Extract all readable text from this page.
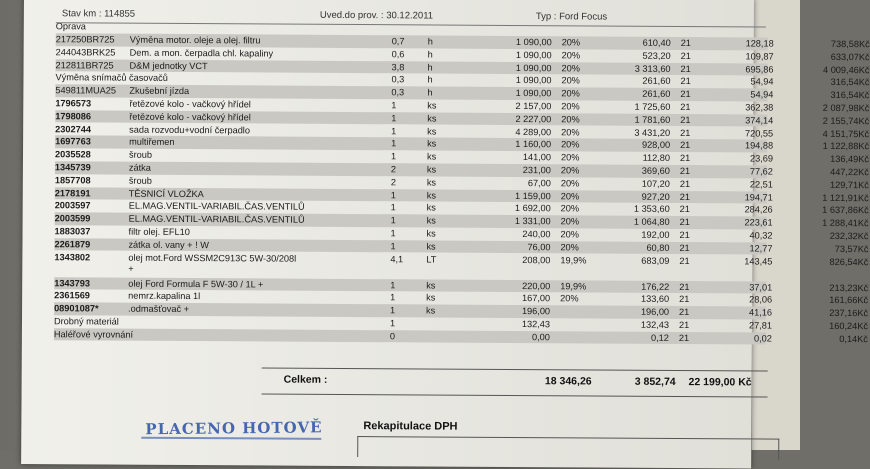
Stav km : 114855	Uved.do prov. : 30.12.2011	Typ : Ford Focus
Oprava
217250BR725 Výměna motor. oleje a olej. filtru	0,7	h	1 090,00 20%	610,40 21	128,18	738,58Kč
244043BRK25 Dem. a mon. čerpadla chl. kapaliny	0,6	h	1 090,00 20%	523,20 21	109,87	633,07Kč
212811BR725 D&M jednotky VCT	3,8	h	1 090,00 20%	3 313,60 21	695,86	4 009,46Kč
Výměna snímačů časovačů	0,3	h	1 090,00 20%	261,60 21	54,94	316,54Kč
549811MUA25 Zkušební jízda	0,3	h	1 090,00 20%	261,60 21	54,94	316,54Kč
1796573	řetězové kolo - vačkový hřídel	1	ks	2 157,00 20%	1 725,60 21	362,38	2 087,98Kč
1798086	řetězové kolo - vačkový hřídel	1	ks	2 227,00 20%	1 781,60 21	374,14	2 155,74Kč
2302744	sada rozvodu+vodní čerpadlo	1	ks	4 289,00 20%	3 431,20 21	720,55	4 151,75Kč
1697763	multiřemen	1	ks	1 160,00 20%	928,00 21	194,88	1 122,88Kč
2035528	šroub	1	ks	141,00 20%	112,80 21	23,69	136,49Kč
1345739	zátka	2	ks	231,00 20%	369,60 21	77,62	447,22Kč
1857708	šroub	2	ks	67,00 20%	107,20 21	22,51	129,71Kč
2178191	TĚSNICÍ VLOŽKA	1	ks	1 159,00 20%	927,20 21	194,71	1 121,91Kč
2003597	EL.MAG.VENTIL-VARIABIL.ČAS.VENTILŮ	1	ks	1 692,00 20%	1 353,60 21	284,26	1 637,86Kč
2003599	EL.MAG.VENTIL-VARIABIL.ČAS.VENTILŮ	1	ks	1 331,00 20%	1 064,80 21	223,61	1 288,41Kč
1883037	filtr olej. EFL10	1	ks	240,00 20%	192,00 21	40,32	232,32Kč
2261879	zátka ol. vany + ! W	1	ks	76,00 20%	60,80 21	12,77	73,57Kč
1343802	olej mot.Ford WSSM2C913C 5W-30/208l	4,1	LT	208,00 19,9%	683,09 21	143,45	826,54Kč
+
1343793	olej Ford Formula F 5W-30 / 1L +	1	ks	220,00 19,9%	176,22 21	37,01	213,23Kč
2361569	nemrz.kapalina 1l	1	ks	167,00 20%	133,60 21	28,06	161,66Kč
08901087*	.odmašťovač +	1	ks	196,00	196,00 21	41,16	237,16Kč
Drobný materiál	1	132,43	132,43 21	27,81	160,24Kč
Haléřové vyrovnání	0	0,00	0,12 21	0,02	0,14Kč
Celkem :	18 346,26	3 852,74	22 199,00 Kč
PLACENO HOTOVĚ	Rekapitulace DPH
